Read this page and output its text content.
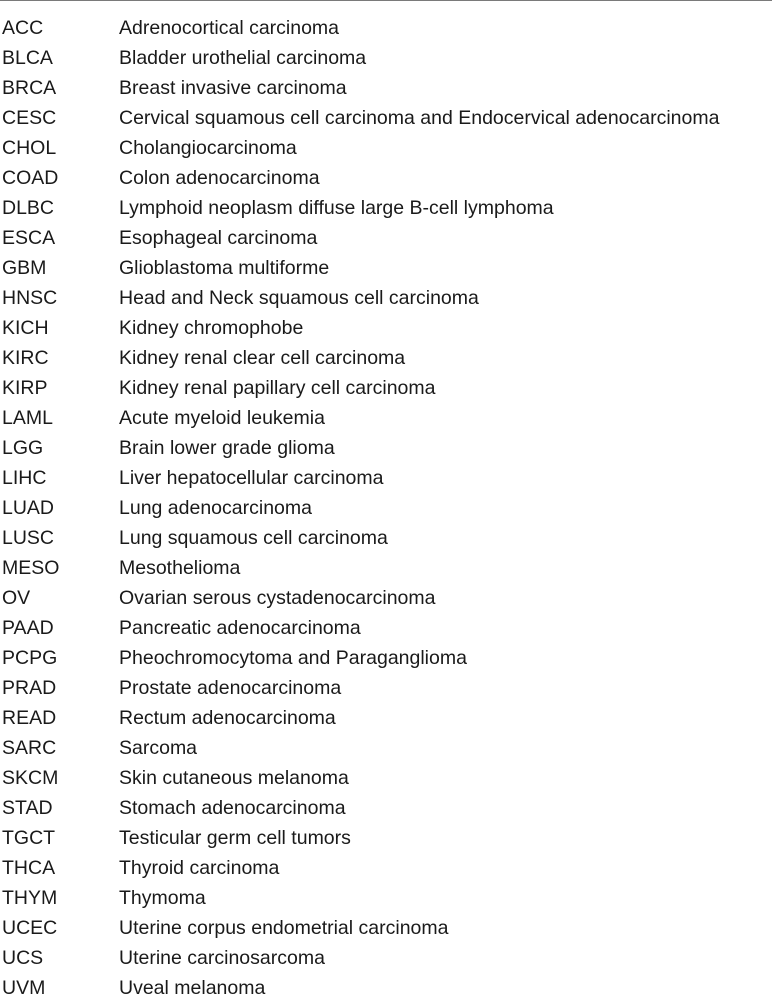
ACC	Adrenocortical carcinoma
BLCA	Bladder urothelial carcinoma
BRCA	Breast invasive carcinoma
CESC	Cervical squamous cell carcinoma and Endocervical adenocarcinoma
CHOL	Cholangiocarcinoma
COAD	Colon adenocarcinoma
DLBC	Lymphoid neoplasm diffuse large B-cell lymphoma
ESCA	Esophageal carcinoma
GBM	Glioblastoma multiforme
HNSC	Head and Neck squamous cell carcinoma
KICH	Kidney chromophobe
KIRC	Kidney renal clear cell carcinoma
KIRP	Kidney renal papillary cell carcinoma
LAML	Acute myeloid leukemia
LGG	Brain lower grade glioma
LIHC	Liver hepatocellular carcinoma
LUAD	Lung adenocarcinoma
LUSC	Lung squamous cell carcinoma
MESO	Mesothelioma
OV	Ovarian serous cystadenocarcinoma
PAAD	Pancreatic adenocarcinoma
PCPG	Pheochromocytoma and Paraganglioma
PRAD	Prostate adenocarcinoma
READ	Rectum adenocarcinoma
SARC	Sarcoma
SKCM	Skin cutaneous melanoma
STAD	Stomach adenocarcinoma
TGCT	Testicular germ cell tumors
THCA	Thyroid carcinoma
THYM	Thymoma
UCEC	Uterine corpus endometrial carcinoma
UCS	Uterine carcinosarcoma
UVM	Uveal melanoma
